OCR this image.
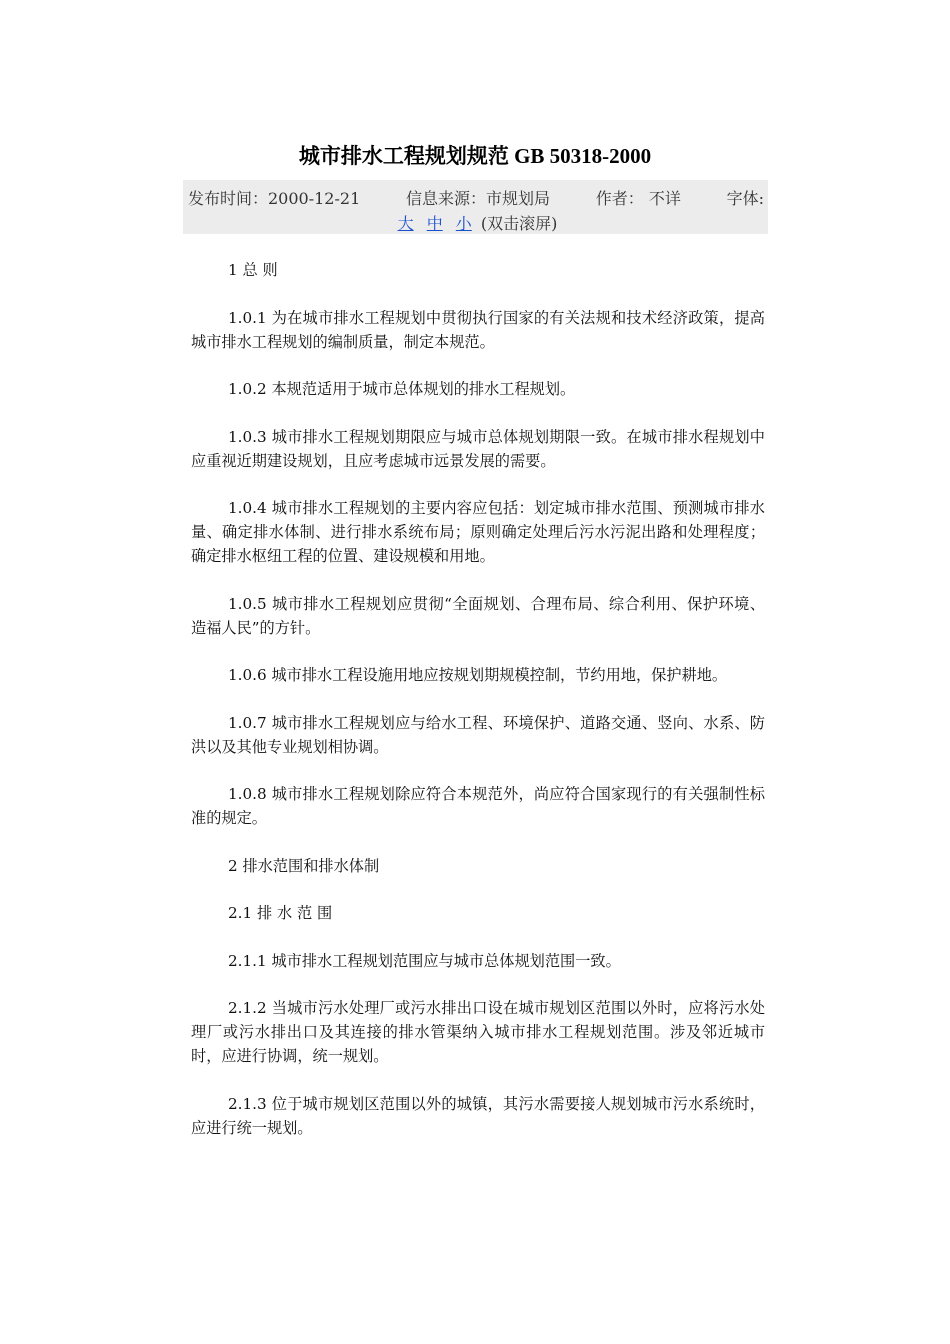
城市排水工程规划规范 GB 50318-2000
发布时间：2000-12-21	信息来源：市规划局	作者： 不详	字体:
大 中 小 (双击滚屏)

1 总 则

1.0.1 为在城市排水工程规划中贯彻执行国家的有关法规和技术经济政策，提高城市排水工程规划的编制质量，制定本规范。

1.0.2 本规范适用于城市总体规划的排水工程规划。

1.0.3 城市排水工程规划期限应与城市总体规划期限一致。在城市排水程规划中应重视近期建设规划，且应考虑城市远景发展的需要。

1.0.4 城市排水工程规划的主要内容应包括：划定城市排水范围、预测城市排水量、确定排水体制、进行排水系统布局；原则确定处理后污水污泥出路和处理程度；确定排水枢纽工程的位置、建设规模和用地。

1.0.5 城市排水工程规划应贯彻“全面规划、合理布局、综合利用、保护环境、造福人民”的方针。

1.0.6 城市排水工程设施用地应按规划期规模控制，节约用地，保护耕地。

1.0.7 城市排水工程规划应与给水工程、环境保护、道路交通、竖向、水系、防洪以及其他专业规划相协调。

1.0.8 城市排水工程规划除应符合本规范外，尚应符合国家现行的有关强制性标准的规定。

2 排水范围和排水体制

2.1 排 水 范 围

2.1.1 城市排水工程规划范围应与城市总体规划范围一致。

2.1.2 当城市污水处理厂或污水排出口设在城市规划区范围以外时，应将污水处理厂或污水排出口及其连接的排水管渠纳入城市排水工程规划范围。涉及邻近城市时，应进行协调，统一规划。

2.1.3 位于城市规划区范围以外的城镇，其污水需要接人规划城市污水系统时，应进行统一规划。
